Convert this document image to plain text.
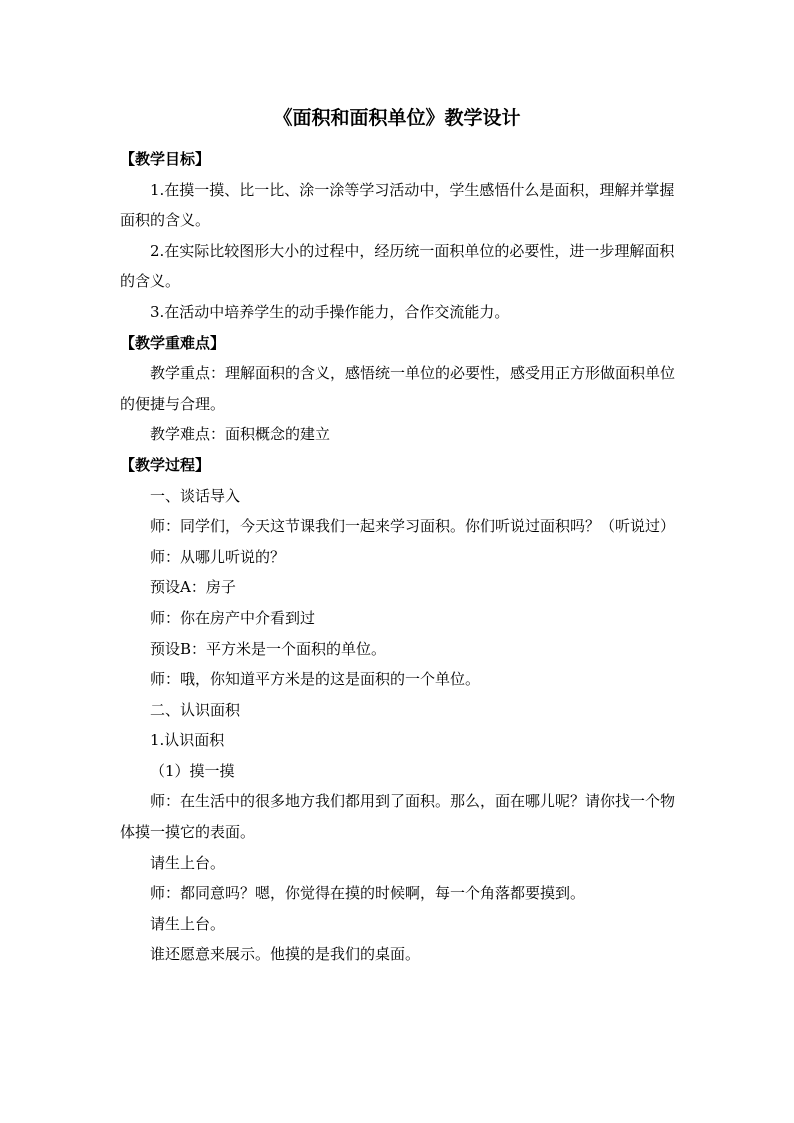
《面积和面积单位》教学设计

【教学目标】

1.在摸一摸、比一比、涂一涂等学习活动中，学生感悟什么是面积，理解并掌握面积的含义。

2.在实际比较图形大小的过程中，经历统一面积单位的必要性，进一步理解面积的含义。

3.在活动中培养学生的动手操作能力，合作交流能力。

【教学重难点】

教学重点：理解面积的含义，感悟统一单位的必要性，感受用正方形做面积单位的便捷与合理。

教学难点：面积概念的建立

【教学过程】

一、谈话导入

师：同学们，今天这节课我们一起来学习面积。你们听说过面积吗？（听说过）

师：从哪儿听说的？

预设A：房子

师：你在房产中介看到过

预设B：平方米是一个面积的单位。

师：哦，你知道平方米是的这是面积的一个单位。

二、认识面积

1.认识面积

（1）摸一摸

师：在生活中的很多地方我们都用到了面积。那么，面在哪儿呢？请你找一个物体摸一摸它的表面。

请生上台。

师：都同意吗？嗯，你觉得在摸的时候啊，每一个角落都要摸到。

请生上台。

谁还愿意来展示。他摸的是我们的桌面。
